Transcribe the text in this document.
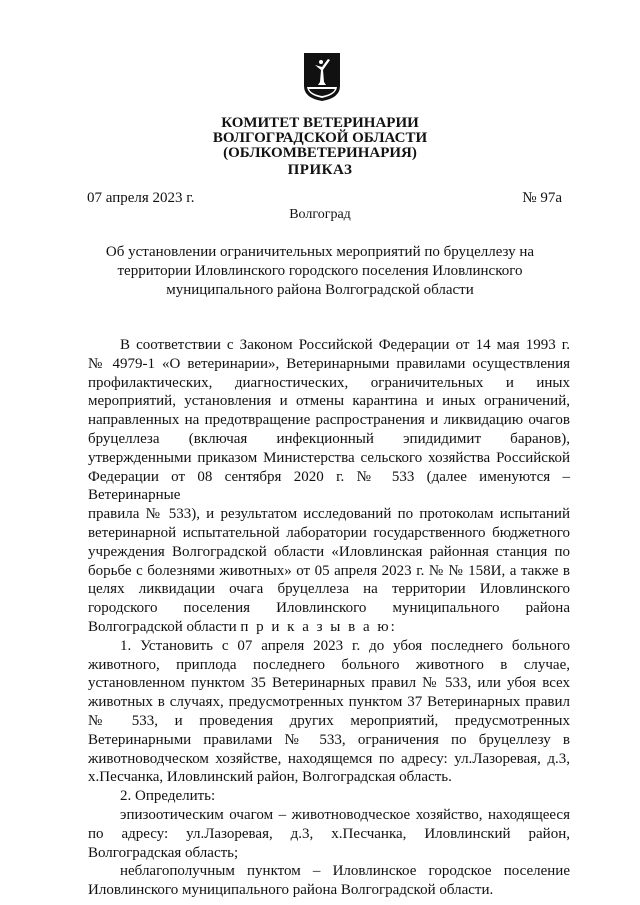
КОМИТЕТ ВЕТЕРИНАРИИ
ВОЛГОГРАДСКОЙ ОБЛАСТИ
(ОБЛКОМВЕТЕРИНАРИЯ)
ПРИКАЗ
07 апреля 2023 г.	№ 97а
Волгоград
Об установлении ограничительных мероприятий по бруцеллезу на
территории Иловлинского городского поселения Иловлинского
муниципального района Волгоградской области

В соответствии с Законом Российской Федерации от 14 мая 1993 г.

№ 4979-1 «О ветеринарии», Ветеринарными правилами осуществления

профилактических, диагностических, ограничительных и иных

мероприятий, установления и отмены карантина и иных ограничений,

направленных на предотвращение распространения и ликвидацию очагов

бруцеллеза (включая инфекционный эпидидимит баранов),

утвержденными приказом Министерства сельского хозяйства Российской

Федерации от 08 сентября 2020 г. № 533 (далее именуются – Ветеринарные

правила № 533), и результатом исследований по протоколам испытаний

ветеринарной испытательной лаборатории государственного бюджетного

учреждения Волгоградской области «Иловлинская районная станция по

борьбе с болезнями животных» от 05 апреля 2023 г. № № 158И, а также в

целях ликвидации очага бруцеллеза на территории Иловлинского

городского поселения Иловлинского муниципального района

Волгоградской области п р и к а з ы в а ю:

1. Установить с 07 апреля 2023 г. до убоя последнего больного

животного, приплода последнего больного животного в случае,

установленном пунктом 35 Ветеринарных правил № 533, или убоя всех

животных в случаях, предусмотренных пунктом 37 Ветеринарных правил

№ 533, и проведения других мероприятий, предусмотренных

Ветеринарными правилами № 533, ограничения по бруцеллезу в

животноводческом хозяйстве, находящемся по адресу: ул.Лазоревая, д.3,

х.Песчанка, Иловлинский район, Волгоградская область.

2. Определить:

эпизоотическим очагом – животноводческое хозяйство, находящееся

по адресу: ул.Лазоревая, д.3, х.Песчанка, Иловлинский район,

Волгоградская область;

неблагополучным пунктом – Иловлинское городское поселение

Иловлинского муниципального района Волгоградской области.
